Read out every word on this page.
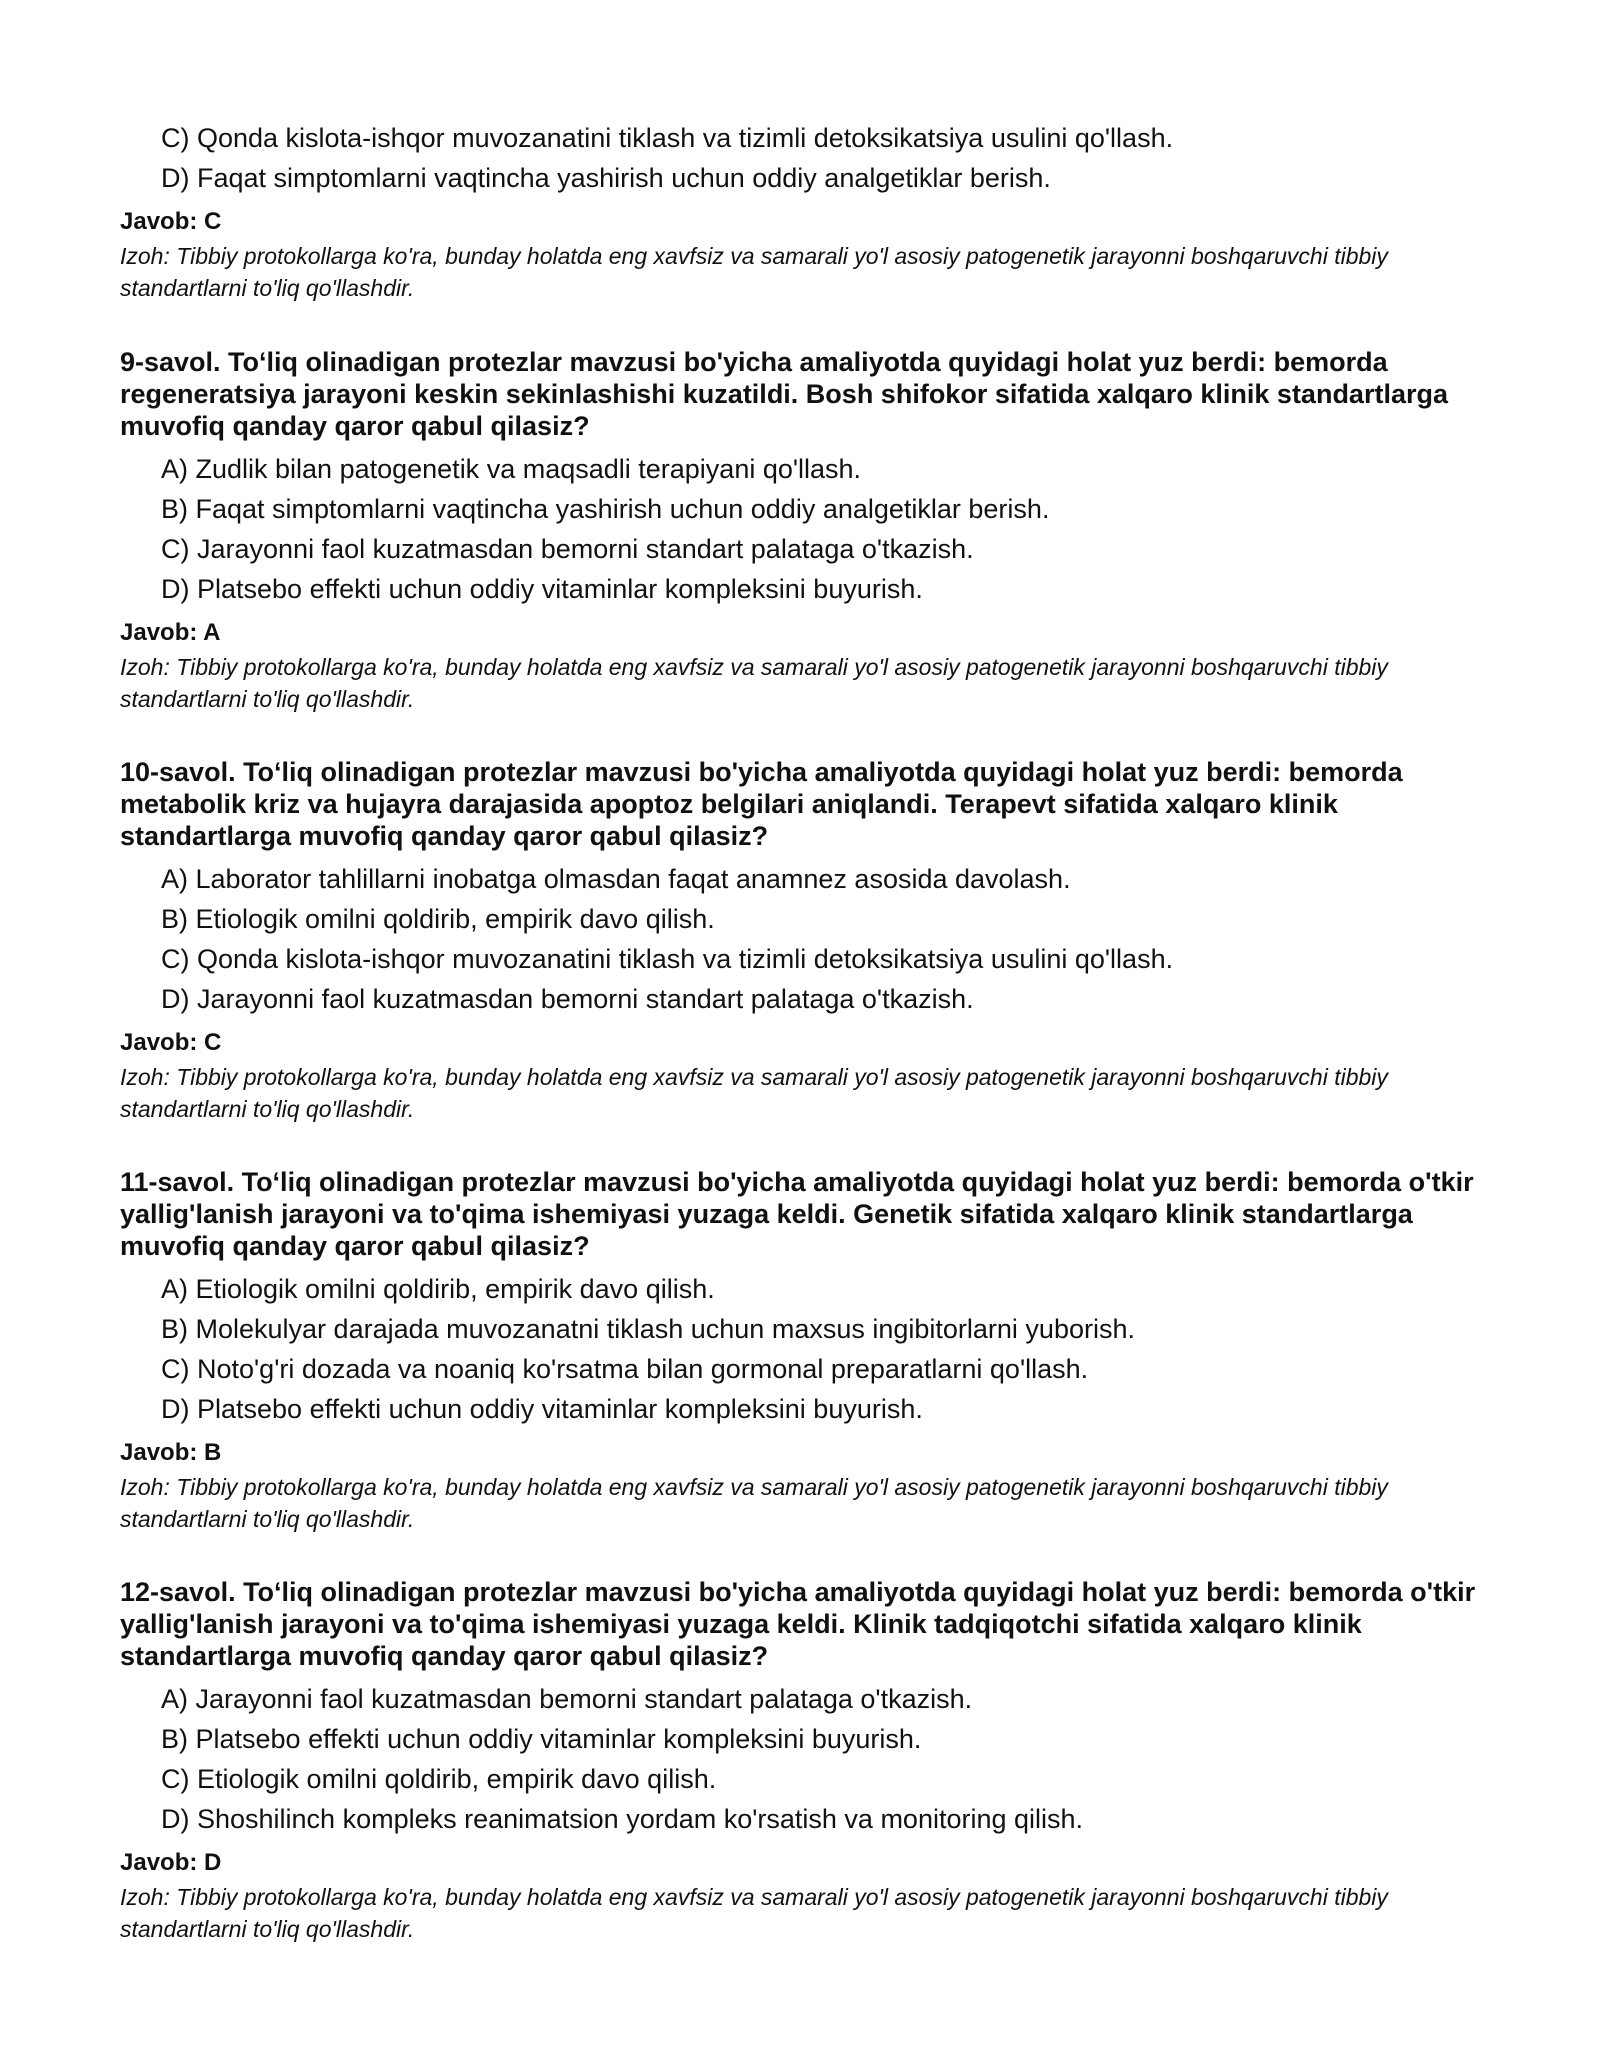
C) Qonda kislota-ishqor muvozanatini tiklash va tizimli detoksikatsiya usulini qo'llash.
D) Faqat simptomlarni vaqtincha yashirish uchun oddiy analgetiklar berish.
Javob: C
Izoh: Tibbiy protokollarga ko'ra, bunday holatda eng xavfsiz va samarali yo'l asosiy patogenetik jarayonni boshqaruvchi tibbiy standartlarni to'liq qo'llashdir.
9-savol. To‘liq olinadigan protezlar mavzusi bo'yicha amaliyotda quyidagi holat yuz berdi: bemorda regeneratsiya jarayoni keskin sekinlashishi kuzatildi. Bosh shifokor sifatida xalqaro klinik standartlarga muvofiq qanday qaror qabul qilasiz?
A) Zudlik bilan patogenetik va maqsadli terapiyani qo'llash.
B) Faqat simptomlarni vaqtincha yashirish uchun oddiy analgetiklar berish.
C) Jarayonni faol kuzatmasdan bemorni standart palataga o'tkazish.
D) Platsebo effekti uchun oddiy vitaminlar kompleksini buyurish.
Javob: A
Izoh: Tibbiy protokollarga ko'ra, bunday holatda eng xavfsiz va samarali yo'l asosiy patogenetik jarayonni boshqaruvchi tibbiy standartlarni to'liq qo'llashdir.
10-savol. To‘liq olinadigan protezlar mavzusi bo'yicha amaliyotda quyidagi holat yuz berdi: bemorda metabolik kriz va hujayra darajasida apoptoz belgilari aniqlandi. Terapevt sifatida xalqaro klinik standartlarga muvofiq qanday qaror qabul qilasiz?
A) Laborator tahlillarni inobatga olmasdan faqat anamnez asosida davolash.
B) Etiologik omilni qoldirib, empirik davo qilish.
C) Qonda kislota-ishqor muvozanatini tiklash va tizimli detoksikatsiya usulini qo'llash.
D) Jarayonni faol kuzatmasdan bemorni standart palataga o'tkazish.
Javob: C
Izoh: Tibbiy protokollarga ko'ra, bunday holatda eng xavfsiz va samarali yo'l asosiy patogenetik jarayonni boshqaruvchi tibbiy standartlarni to'liq qo'llashdir.
11-savol. To‘liq olinadigan protezlar mavzusi bo'yicha amaliyotda quyidagi holat yuz berdi: bemorda o'tkir yallig'lanish jarayoni va to'qima ishemiyasi yuzaga keldi. Genetik sifatida xalqaro klinik standartlarga muvofiq qanday qaror qabul qilasiz?
A) Etiologik omilni qoldirib, empirik davo qilish.
B) Molekulyar darajada muvozanatni tiklash uchun maxsus ingibitorlarni yuborish.
C) Noto'g'ri dozada va noaniq ko'rsatma bilan gormonal preparatlarni qo'llash.
D) Platsebo effekti uchun oddiy vitaminlar kompleksini buyurish.
Javob: B
Izoh: Tibbiy protokollarga ko'ra, bunday holatda eng xavfsiz va samarali yo'l asosiy patogenetik jarayonni boshqaruvchi tibbiy standartlarni to'liq qo'llashdir.
12-savol. To‘liq olinadigan protezlar mavzusi bo'yicha amaliyotda quyidagi holat yuz berdi: bemorda o'tkir yallig'lanish jarayoni va to'qima ishemiyasi yuzaga keldi. Klinik tadqiqotchi sifatida xalqaro klinik standartlarga muvofiq qanday qaror qabul qilasiz?
A) Jarayonni faol kuzatmasdan bemorni standart palataga o'tkazish.
B) Platsebo effekti uchun oddiy vitaminlar kompleksini buyurish.
C) Etiologik omilni qoldirib, empirik davo qilish.
D) Shoshilinch kompleks reanimatsion yordam ko'rsatish va monitoring qilish.
Javob: D
Izoh: Tibbiy protokollarga ko'ra, bunday holatda eng xavfsiz va samarali yo'l asosiy patogenetik jarayonni boshqaruvchi tibbiy standartlarni to'liq qo'llashdir.
